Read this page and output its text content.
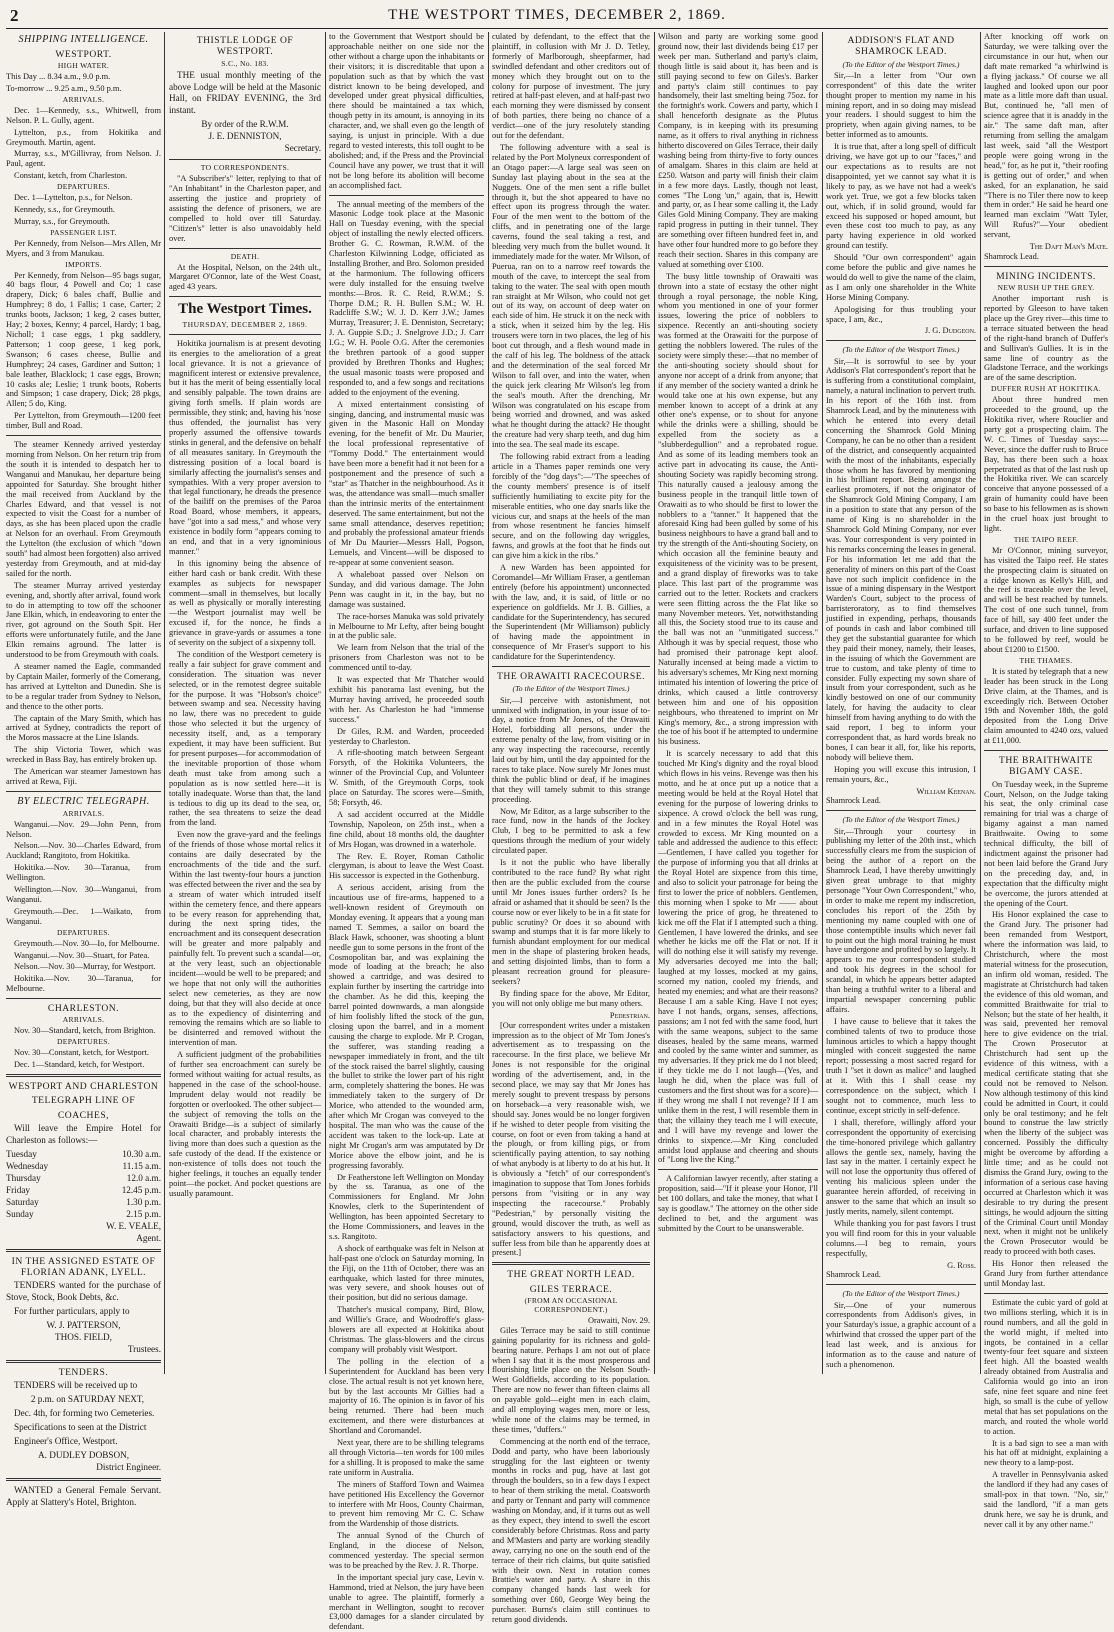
2	THE WESTPORT TIMES, DECEMBER 2, 1869.
SHIPPING INTELLIGENCE.
WESTPORT.
HIGH WATER.

This Day ... 8.34 a.m., 9.0 p.m.

To-morrow ... 9.25 a.m., 9.50 p.m.

ARRIVALS.

Dec. 1—Kennedy, s.s., Whitwell, from Nelson. P. L. Gully, agent.

Lyttelton, p.s., from Hokitika and Greymouth. Martin, agent.

Murray, s.s., M'Gillivray, from Nelson. J. Paul, agent.

Constant, ketch, from Charleston.

DEPARTURES.

Dec. 1—Lyttelton, p.s., for Nelson.

Kennedy, s.s., for Greymouth.

Murray, s.s., for Greymouth.

PASSENGER LIST.

Per Kennedy, from Nelson—Mrs Allen, Mr Myers, and 3 from Manukau.

IMPORTS.

Per Kennedy, from Nelson—95 bags sugar, 40 bags flour, 4 Powell and Co; 1 case drapery, Dick; 6 bales chaff, Bullie and Humphrey; 8 do, 1 Fallis; 1 case, Carter; 2 trunks boots, Jackson; 1 keg, 2 cases butter, Hay; 2 boxes, Kenny; 4 parcel, Hardy; 1 bag, Nicholl; 1 case eggs, 1 pkg saddlery, Patterson; 1 coop geese, 1 keg pork, Swanson; 6 cases cheese, Bullie and Humphrey; 24 cases, Gardiner and Sutton; 1 bale leather, Blacklock; 1 case eggs, Brown; 10 casks ale; Leslie; 1 trunk boots, Roberts and Simpson; 1 case drapery, Dick; 28 pkgs, Allen; 5 do, King.

Per Lyttelton, from Greymouth—1200 feet timber, Bull and Road.

The steamer Kennedy arrived yesterday morning from Nelson. On her return trip from the south it is intended to despatch her to Wanganui and Manukau, her departure being appointed for Saturday. She brought hither the mail received from Auckland by the Charles Edward, and that vessel is not expected to visit the Coast for a number of days, as she has been placed upon the cradle at Nelson for an overhaul. From Greymouth the Lyttelton (the exclusion of which "down south" had almost been forgotten) also arrived yesterday from Greymouth, and at mid-day sailed for the north.

The steamer Murray arrived yesterday evening, and, shortly after arrival, found work to do in attempting to tow off the schooner Jane Elkin, which, in endeavoring to enter the river, got aground on the South Spit. Her efforts were unfortunately futile, and the Jane Elkin remains aground. The latter is understood to be from Greymouth with coals.

A steamer named the Eagle, commanded by Captain Mailer, formerly of the Comerang, has arrived at Lyttelton and Dunedin. She is to be a regular trader from Sydney to Nelson, and thence to the other ports.

The captain of the Mary Smith, which has arrived at Sydney, contradicts the report of the Moros massacre at the Line Islands.

The ship Victoria Tower, which was wrecked in Bass Bay, has entirely broken up.

The American war steamer Jamestown has arrived at Rewa, Fiji.

BY ELECTRIC TELEGRAPH.
ARRIVALS.

Wanganui.—Nov. 29—John Penn, from Nelson.

Nelson.—Nov. 30—Charles Edward, from Auckland; Rangitoto, from Hokitika.

Hokitika.—Nov. 30—Taranua, from Wellington.

Wellington.—Nov. 30—Wanganui, from Wanganui.

Greymouth.—Dec. 1—Waikato, from Wanganui.

DEPARTURES.

Greymouth.—Nov. 30—Io, for Melbourne.

Wanganui.—Nov. 30—Stuart, for Patea.

Nelson.—Nov. 30—Murray, for Westport.

Hokitika.—Nov. 30—Taranua, for Melbourne.

CHARLESTON.
ARRIVALS.

Nov. 30—Standard, ketch, from Brighton.

DEPARTURES.

Nov. 30—Constant, ketch, for Westport.

Dec. 1—Standard, ketch, for Westport.

WESTPORT AND CHARLESTON
TELEGRAPH LINE OF
COACHES,

Will leave the Empire Hotel for Charleston as follows:—

Tuesday	10.30 a.m.
Wednesday	11.15 a.m.
Thursday	12.0 a.m.
Friday	12.45 p.m.
Saturday	1.30 p.m.
Sunday	2.15 p.m.
W. E. VEALE,
Agent.
IN THE ASSIGNED ESTATE OF FLORIAN ADANK, LYELL.

TENDERS wanted for the purchase of Stove, Stock, Book Debts, &c.

For further particulars, apply to

W. J. PATTERSON,
THOS. FIELD,
Trustees.
TENDERS.

TENDERS will be received up to

2 p.m. on SATURDAY NEXT,

Dec. 4th, for forming two Cemeteries.

Specifications to seen at the District

Engineer's Office, Westport.

A. DUDLEY DOBSON,
District Engineer.

WANTED a General Female Servant. Apply at Slattery's Hotel, Brighton.

THISTLE LODGE OF WESTPORT.
S.C., No. 183.

THE usual monthly meeting of the above Lodge will be held at the Masonic Hall, on FRIDAY EVENING, the 3rd instant.

By order of the R.W.M.
J. E. DENNISTON,
Secretary.
TO CORRESPONDENTS.

"A Subscriber's" letter, replying to that of "An Inhabitant" in the Charleston paper, and asserting the justice and propriety of assisting the defence of prisoners, we are compelled to hold over till Saturday. "Citizen's" letter is also unavoidably held over.

DEATH.

At the Hospital, Nelson, on the 24th ult., Margaret O'Connor, late of the West Coast, aged 43 years.

The Westport Times.
THURSDAY, DECEMBER 2, 1869.

Hokitika journalism is at present devoting its energies to the amelioration of a great local grievance. It is not a grievance of magnificent interest or extensive prevalence, but it has the merit of being essentially local and sensibly palpable. The town drains are giving forth smells. If plain words are permissible, they stink; and, having his 'nose thus offended, the journalist has very properly assumed the offensive towards stinks in general, and the defensive on behalf of all measures sanitary. In Greymouth the distressing position of a local board is similarly affecting the journalist's senses and sympathies. With a very proper aversion to that legal functionary, he dreads the presence of the bailiff on the premises of the Paroa Road Board, whose members, it appears, have "got into a sad mess," and whose very existence in bodily form "appears coming to an end, and that in a very ignominious manner."

In this ignominy being the absence of either hard cash or bank credit. With these examples as subjects for newspaper comment—small in themselves, but locally as well as physically or morally interesting—the Westport journalist may well be excused if, for the nonce, he finds a grievance in grave-yards or assumes a tone of severity on the subject of a sixpenny toll.

The condition of the Westport cemetery is really a fair subject for grave comment and consideration. The situation was never selected, or in the remotest degree suitable for the purpose. It was "Hobson's choice" between swamp and sea. Necessity having no law, there was no precedent to guide those who selected it but the urgency of necessity itself, and, as a temporary expedient, it may have been sufficient. But for present purposes—for accommodation of the inevitable proportion of those whom death must take from among such a population as is now settled here—it is totally inadequate. Worse than that, the land is tedious to dig up its dead to the sea, or, rather, the sea threatens to seize the dead from the land.

Even now the grave-yard and the feelings of the friends of those whose mortal relics it contains are daily desecrated by the encroachments of the tide and the surf. Within the last twenty-four hours a junction was effected between the river and the sea by a stream of water which intruded itself within the cemetery fence, and there appears to be every reason for apprehending that, during the next spring tides, the encroachment and its consequent desecration will be greater and more palpably and painfully felt. To prevent such a scandal—or, at the very least, such an objectionable incident—would be well to be prepared; and we hope that not only will the authorities select new cemeteries, as they are now doing, but that they will also decide at once as to the expediency of disinterring and removing the remains which are so liable to be disinterred and removed without the intervention of man.

A sufficient judgment of the probabilities of further sea encroachment can surely be formed without waiting for actual results, as happened in the case of the school-house. Imprudent delay would not readily be forgotten or overlooked. The other subject—the subject of removing the tolls on the Orawaiti Bridge—is a subject of similarly local character, and probably interests the living more than does such a question as the safe custody of the dead. If the existence or non-existence of tolls does not touch the higher feelings, it touches an equally tender point—the pocket. And pocket questions are usually paramount.

to the Government that Westport should be approachable neither on one side nor the other without a charge upon the inhabitants or their visitors; it is discreditable that upon a population such as that by which the vast district known to be being developed, and developed under great physical difficulties, there should be maintained a tax which, though petty in its amount, is annoying in its character, and, we shall even go the length of saying, is unjust in principle. With a due regard to vested interests, this toll ought to be abolished; and, if the Press and the Provincial Council have any power, we trust that it will not be long before its abolition will become an accomplished fact.

The annual meeting of the members of the Masonic Lodge took place at the Masonic Hall on Tuesday evening, with the special object of installing the newly elected officers. Brother G. C. Rowman, R.W.M. of the Charleston Kilwinning Lodge, officiated as Installing Brother, and Bro. Solomon presided at the harmonium. The following officers were duly installed for the ensuing twelve months:—Bros. R. C. Reid, R.W.M.; S. Thorpe D.M.; R. H. Bullen S.M.; W. H. Radcliffe S.W.; W. J. D. Kerr J.W.; James Murray, Treasurer; J. E. Denniston, Secretary; J. A. Guppie S.D.; J. Snelgrove J.D.; J. Carr I.G.; W. H. Poole O.G. After the ceremonies the brethren partook of a good supper provided by Brethren Thonks and Hughes; the usual masonic toasts were proposed and responded to, and a few songs and recitations added to the enjoyment of the evening.

A mixed entertainment consisting of singing, dancing, and instrumental music was given in the Masonic Hall on Monday evening, for the benefit of Mr. Du Maurier, the local professional representative of "Tommy Dodd." The entertainment would have been more a benefit had it not been for a postponement and the presence of such a "star" as Thatcher in the neighbourhood. As it was, the attendance was small—much smaller than the intrinsic merits of the entertainment deserved. The same entertainment, but not the same small attendance, deserves repetition; and probably the professional amateur friends of Mr Du Maurier—Messrs Hall, Pogson, Lemuels, and Vincent—will be disposed to re-appear at some convenient season.

A whaleboat passed over Nelson on Sunday, and did various damage. The John Penn was caught in it, in the bay, but no damage was sustained.

The race-horses Manuka was sold privately in Melbourne to Mr Lefty, after being bought in at the public sale.

We learn from Nelson that the trial of the prisoners from Charleston was not to be commenced until to-day.

It was expected that Mr Thatcher would exhibit his panorama last evening, but the Murray having arrived, he proceeded south with her. As Charleston he had "immense success."

Dr Giles, R.M. and Warden, proceeded yesterday to Charleston.

A rifle-shooting match between Sergeant Forsyth, of the Hokitika Volunteers, the winner of the Provincial Cup, and Volunteer W. Smith, of the Greymouth Corps, took place on Saturday. The scores were—Smith, 58; Forsyth, 46.

A sad accident occurred at the Middle Township, Napoleon, on 25th inst., when a fine child, about 18 months old, the daughter of Mrs Hogan, was drowned in a waterhole.

The Rev. E. Royer, Roman Catholic clergyman, is about to leave the West Coast. His successor is expected in the Gothenburg.

A serious accident, arising from the incautious use of fire-arms, happened to a well-known resident of Greymouth on Monday evening. It appears that a young man named T. Semmes, a sailor on board the Black Hawk, schooner, was shooting a blunt needle gun to some persons in the front of the Cosmopolitan bar, and was explaining the mode of loading at the breach; he also showed a cartridge, and was desired to explain further by inserting the cartridge into the chamber. As he did this, keeping the barrel pointed downwards, a man alongside of him foolishly lifted the stock of the gun, closing upon the barrel, and in a moment causing the charge to explode. Mr P. Crogan, the sufferer, was standing reading a newspaper immediately in front, and the tilt of the stock raised the barrel slightly, causing the bullet to strike the lower part of his right arm, completely shattering the bones. He was immediately taken to the surgery of Dr Morice, who attended to the wounded arm, after which Mr Crogan was conveyed to the hospital. The man who was the cause of the accident was taken to the lock-up. Late at night Mr Crogan's arm was amputated by Dr Morice above the elbow joint, and he is progressing favorably.

Dr Featherstone left Wellington on Monday by the ss. Taranua, as one of the Commissioners for England. Mr John Knowles, clerk to the Superintendent of Wellington, has been appointed Secretary to the Home Commissioners, and leaves in the s.s. Rangitoto.

A shock of earthquake was felt in Nelson at half-past one o'clock on Saturday morning. In the Fiji, on the 11th of October, there was an earthquake, which lasted for three minutes, was very severe, and shook houses out of their position, but did no serious damage.

Thatcher's musical company, Bird, Blow, and Willie's Grace, and Woodroffe's glass-blowers are all expected at Hokitika about Christmas. The glass-blowers and the circus company will probably visit Westport.

The polling in the election of a Superintendent for Auckland has been very close. The actual result is not yet known here, but by the last accounts Mr Gillies had a majority of 16. The opinion is in favor of his being returned. There had been much excitement, and there were disturbances at Shortland and Coromandel.

Next year, there are to be shilling telegrams all through Victoria—ten words for 100 miles for a shilling. It is proposed to make the same rate uniform in Australia.

The miners of Stafford Town and Waimea have petitioned His Excellency the Governor to interfere with Mr Hoos, County Chairman, to prevent him removing Mr C. C. Schaw from the Wardenship of those districts.

The annual Synod of the Church of England, in the diocese of Nelson, commenced yesterday. The special sermon was to be preached by the Rev. J. R. Thorpe.

In the important special jury case, Levin v. Hammond, tried at Nelson, the jury have been unable to agree. The plaintiff, formerly a merchant in Wellington, sought to recover £3,000 damages for a slander circulated by defendant.

culated by defendant, to the effect that the plaintiff, in collusion with Mr J. D. Tetley, formerly of Marlborough, sheepfarmer, had swindled defendant and other creditors out of money which they brought out on to the colony for purpose of investment. The jury retired at half-past eleven, and at half-past two each morning they were dismissed by consent of both parties, there being no chance of a verdict—one of the jury resolutely standing out for the defendant.

The following adventure with a seal is related by the Port Molyneux correspondent of an Otago paper:—A large seal was seen on Sunday last playing about in the sea at the Nuggets. One of the men sent a rifle bullet through it, but the shot appeared to have no effect upon its progress through the water. Four of the men went to the bottom of the cliffs, and in penetrating one of the large caverns, found the seal taking a rest, and bleeding very much from the bullet wound. It immediately made for the water. Mr Wilson, of Puerua, ran on to a narrow reef towards the mouth of the cave, to intercept the seal from taking to the water. The seal with open mouth ran straight at Mr Wilson, who could not get out of its way, on account of deep water on each side of him. He struck it on the neck with a stick, when it seized him by the leg. His trousers were torn in two places, the leg of his boot cut through, and a flesh wound made in the calf of his leg. The boldness of the attack and the determination of the seal forced Mr Wilson to fall over, and into the water, when the quick jerk clearing Mr Wilson's leg from the seal's mouth. After the drenching, Mr Wilson was congratulated on his escape from being worried and drowned, and was asked what he thought during the attack? He thought the creature had very sharp teeth, and dug him into the sea. The seal made its escape.

The following rabid extract from a leading article in a Thames paper reminds one very forcibly of the "dog days":—"The speeches of the county members' presence is of itself sufficiently humiliating to excite pity for the miserable entities, who one day snarls like the vicious cur, and snaps at the heels of the man from whose resentment he fancies himself secure, and on the following day wriggles, fawns, and growls at the foot that he finds out can give him a kick in the ribs."

A new Warden has been appointed for Coromandel—Mr William Fraser, a gentleman entirely (before his appointment) unconnected with the law, and, it is said, of little or no experience on goldfields. Mr J. B. Gillies, a candidate for the Superintendency, has secured the Superintendent (Mr Williamson) publicly of having made the appointment in consequence of Mr Fraser's support to his candidature for the Superintendency.

THE ORAWAITI RACECOURSE.
(To the Editor of the Westport Times.)

Sir,—I perceive with astonishment, not unmixed with indignation, in your issue of to-day, a notice from Mr Jones, of the Orawaiti Hotel, forbidding all persons, under the extreme penalty of the law, from visiting or in any way inspecting the racecourse, recently laid out by him, until the day appointed for the races to take place. Now surely Mr Jones must think the public blind or deaf, if he imagines that they will tamely submit to this strange proceeding.

Now, Mr Editor, as a large subscriber to the race fund, now in the hands of the Jockey Club, I beg to be permitted to ask a few questions through the medium of your widely circulated paper.

Is it not the public who have liberally contributed to the race fund? By what right then are the public excluded from the course until Mr Jones issues further orders? Is he afraid or ashamed that it should be seen? Is the course now or ever likely to be in a fit state for public scrutiny? Or does it so abound with swamp and stumps that it is far more likely to furnish abundant employment for our medical men in the shape of plastering broken heads, and setting disjointed limbs, than to form a pleasant recreation ground for pleasure-seekers?

By finding space for the above, Mr Editor, you will not only oblige me but many others.

Pedestrian.

[Our correspondent writes under a mistaken impression as to the object of Mr Tom Jones's advertisement as to trespassing on the racecourse. In the first place, we believe Mr Jones is not responsible for the original wording of the advertisement, and, in the second place, we may say that Mr Jones has merely sought to prevent trespass by persons on horseback—a very reasonable wish, we should say. Jones would be no longer forgiven if he wished to deter people from visiting the course, on foot or even from taking a hand at the plough, or from killing pigs, or from scientifically paying attention, to say nothing of what anybody is at liberty to do at his hut. It is obviously a "fetch" of our correspondent's imagination to suppose that Tom Jones forbids persons from "visiting or in any way inspecting the racecourse." Probably "Pedestrian," by personally visiting the ground, would discover the truth, as well as satisfactory answers to his questions, and suffer less from bile than he apparently does at present.]

THE GREAT NORTH LEAD.
GILES TERRACE.
(FROM AN OCCASIONAL CORRESPONDENT.)
Orawaiti, Nov. 29.

Giles Terrace may be said to still continue gaining popularity for its richness and gold-bearing nature. Perhaps I am not out of place when I say that it is the most prosperous and flourishing little place on the Nelson South-West Goldfields, according to its population. There are now no fewer than fifteen claims all on payable gold—eight men in each claim, and all employing wages men, more or less, while none of the claims may be termed, in these times, "duffers."

Commencing at the north end of the terrace, Dodd and party, who have been laboriously struggling for the last eighteen or twenty months in rocks and pug, have at last got through the boulders, so in a few days I expect to hear of them striking the metal. Coatsworth and party or Tennant and party will commence washing on Monday, and, if it turns out as well as they expect, they intend to swell the escort considerably before Christmas. Ross and party and M'Masters and party are working steadily away, carrying no one on the south end of the terrace of their rich claims, but quite satisfied with their own. Next in rotation comes Brattie's water and party. A share in this company changed hands last week for something over £60, George Wey being the purchaser. Burns's claim still continues to return good dividends.

Wilson and party are working some good ground now, their last dividends being £17 per week per man. Sutherland and party's claim, though little is said about it, has been and is still paying second to few on Giles's. Barker and party's claim still continues to pay handsomely, their last smelting being 75oz. for the fortnight's work. Cowers and party, which I shall henceforth designate as the Plutus Company, is in keeping with its presuming name, as it offers to rival anything in richness hitherto discovered on Giles Terrace, their daily washing being from thirty-five to forty ounces of amalgam. Shares in this claim are held at £250. Watson and party will finish their claim in a few more days. Lastly, though not least, comes "The Long 'un," again, that is, Hewitt and party, or, as I hear some calling it, the Lady Giles Gold Mining Company. They are making rapid progress in putting in their tunnel. They are something over fifteen hundred feet in, and have other four hundred more to go before they reach their section. Shares in this company are valued at something over £100.

The busy little township of Orawaiti was thrown into a state of ecstasy the other night through a royal personage, the noble King, whom you mentioned in one of your former issues, lowering the price of nobblers to sixpence. Recently an anti-shouting society was formed at the Orawaiti for the purpose of getting the nobblers lowered. The rules of the society were simply these:—that no member of the anti-shouting society should shout for anyone nor accept of a drink from anyone; that if any member of the society wanted a drink he would take one at his own expense, but any member known to accept of a drink at any other one's expense, or to shout for anyone while the drinks were a shilling, should be expelled from the society as a "slubberdegullion" and a reprobated rogue. And as some of its leading members took an active part in advocating its cause, the Anti-shouting Society was rapidly becoming strong. This naturally caused a jealousy among the business people in the tranquil little town of Orawaiti as to who should be first to lower the nobblers to a "tanner." It happened that the aforesaid King had been gulled by some of his business neighbours to have a grand ball and to try the strength of the Anti-shouting Society, on which occasion all the feminine beauty and exquisiteness of the vicinity was to be present, and a grand display of fireworks was to take place. This last part of the programme was carried out to the letter. Rockets and crackers were seen flitting across the the Flat like so many November meteors. Yet, notwithstanding all this, the Society stood true to its cause and the ball was not an "unmitigated success." Although it was by special request, those who had promised their patronage kept aloof. Naturally incensed at being made a victim to his adversary's schemes, Mr King next morning intimated his intention of lowering the price of drinks, which caused a little controversy between him and one of his opposition neighbours, who threatened to imprint on Mr King's memory, &c., a strong impression with the toe of his boot if he attempted to undermine his business.

It is scarcely necessary to add that this touched Mr King's dignity and the royal blood which flows in his veins. Revenge was then his motto, and he at once put up a notice that a meeting would be held at the Royal Hotel that evening for the purpose of lowering drinks to sixpence. A crowd o'clock the bell was rung, and in a few minutes the Royal Hotel was crowded to excess. Mr King mounted on a table and addressed the audience to this effect:—Gentlemen, I have called you together for the purpose of informing you that all drinks at the Royal Hotel are sixpence from this time, and also to solicit your patronage for being the first to lower the price of nobblers. Gentlemen, this morning when I spoke to Mr —— about lowering the price of grog, he threatened to kick me off the Flat if I attempted such a thing. Gentlemen, I have lowered the drinks, and see whether he kicks me off the Flat or not. If it will do nothing else it will satisfy my revenge. My adversaries decoyed me into the ball; laughed at my losses, mocked at my gains, scorned my nation, cooled my friends, and heated my enemies; and what are their reasons? Because I am a sable King. Have I not eyes; have I not hands, organs, senses, affections, passions; am I not fed with the same food, hurt with the same weapons, subject to the same diseases, healed by the same means, warmed and cooled by the same winter and summer, as my adversaries. If they prick me do I not bleed; if they tickle me do I not laugh—(Yes, and laugh he did, when the place was full of customers and the first shout was for a score)—if they wrong me shall I not revenge? If I am unlike them in the rest, I will resemble them in that; the villainy they teach me I will execute, and I will have my revenge and lower the drinks to sixpence.—Mr King concluded amidst loud applause and cheering and shouts of "Long live the King."

A Californian lawyer recently, after stating a proposition, said—"If it please your Honor, I'll bet 100 dollars, and take the money, that what I say is goodlaw." The attorney on the other side declined to bet, and the argument was submitted by the Court to be unanswerable.

ADDISON'S FLAT AND SHAMROCK LEAD.
(To the Editor of the Westport Times.)

Sir,—In a letter from "Our own correspondent" of this date the writer thought proper to mention my name in his mining report, and in so doing may mislead your readers. I should suggest to him the propriety, when again giving names, to be better informed as to amounts.

It is true that, after a long spell of difficult driving, we have got up to our "faces," and our expectations as to results are not disappointed, yet we cannot say what it is likely to pay, as we have not had a week's work yet. True, we got a few blocks taken out, which, if in solid ground, would far exceed his supposed or hoped amount, but even these cost too much to pay, as any party having experience in old worked ground can testify.

Should "Our own correspondent" again come before the public and give names he would do well to give the name of the claim, as I am only one shareholder in the White Horse Mining Company.

Apologising for thus troubling your space, I am, &c.,

J. G. Dudgeon.
(To the Editor of the Westport Times.)

Sir,—It is sorrowful to see by your Addison's Flat correspondent's report that he is suffering from a constitutional complaint, namely, a natural inclination to pervert truth. In his report of the 16th inst. from Shamrock Lead, and by the minuteness with which he entered into every detail concerning the Shamrock Gold Mining Company, he can be no other than a resident of the district, and consequently acquainted with the most of the inhabitants, especially those whom he has favored by mentioning in his brilliant report. Being amongst the earliest promoters, if not the originator of the Shamrock Gold Mining Company, I am in a position to state that any person of the name of King is no shareholder in the Shamrock Gold Mining Company, nor ever was. Your correspondent is very pointed in his remarks concerning the leases in general. For his information let me add that the generality of miners on this part of the Coast have not such implicit confidence in the issue of a mining dispensary in the Westport Warden's Court, subject to the process of barristeroratory, as to find themselves justified in expending, perhaps, thousands of pounds in cash and labor combined till they get the substantial guarantee for which they paid their money, namely, their leases, in the issuing of which the Government are true to custom, and take plenty of time to consider. Fully expecting my sown share of insult from your correspondent, such as he kindly bestowed on one of our community lately, for having the audacity to clear himself from having anything to do with the said report, I beg to inform your correspondent that, as hard words break no bones, I can bear it all, for, like his reports, nobody will believe them.

Hoping you will excuse this intrusion, I remain yours, &c.,

William Keenan.

Shamrock Lead.

(To the Editor of the Westport Times.)

Sir,—Through your courtesy in publishing my letter of the 20th inst., which successfully clears me from the suspicion of being the author of a report on the Shamrock Lead, I have thereby unwittingly given great umbrage to that mighty personage "Your Own Correspondent," who, in order to make me repent my indiscretion, concludes his report of the 25th by mentioning my name coupled with one of those contemptible insults which never fail to point out the high moral training he must have undergone and profited by so largely. It appears to me your correspondent studied and took his degrees in the school for scandal, in which he appears better adapted than being a truthful writer to a liberal and impartial newspaper concerning public affairs.

I have cause to believe that it takes the combined talents of two to produce those luminous articles to which a happy thought mingled with conceit suggested the name report; possessing a most sacred regard for truth I "set it down as malice" and laughed at it. With this I shall cease my correspondence on the subject, which I sought not to commence, much less to continue, except strictly in self-defence.

I shall, therefore, willingly afford your correspondent the opportunity of exercising the time-honored privilege which gallantry allows the gentle sex, namely, having the last say in the matter. I certainly expect he will not lose the opportunity thus offered of venting his malicious spleen under the guarantee herein afforded, of receiving in answer to the same that which an insult so justly merits, namely, silent contempt.

While thanking you for past favors I trust you will find room for this in your valuable columns.—I beg to remain, yours respectfully,

G. Ross.

Shamrock Lead.

(To the Editor of the Westport Times.)

Sir,—One of your numerous correspondents from Addison's gives, in your Saturday's issue, a graphic account of a whirlwind that crossed the upper part of the lead last week, and is anxious for information as to the cause and nature of such a phenomenon.

After knocking off work on Saturday, we were talking over the circumstance in our hut, when our daft mate remarked "a whirlwind is a flying jackass." Of course we all laughed and looked upon our poor mate as a little more daft than usual. But, continued he, "all men of science agree that it is anaddy in the air." The same daft man, after returning from selling the amalgam last week, said "all the Westport people were going wrong in the head," for, as he put it, "their roofing is getting out of order," and when asked, for an explanation, he said "There is no Tiler there now to keep them in order." He said he heard one learned man exclaim "Watt Tyler, Will Rufus?"—Your obedient servant,

The Daft Man's Mate.

Shamrock Lead.

MINING INCIDENTS.
NEW RUSH UP THE GREY.

Another important rush is reported by Gleeson to have taken place up the Grey river—this time to a terrace situated between the head of the right-hand branch of Duffer's and Sullivan's Gullies. It is in the same line of country as the Gladstone Terrace, and the workings are of the same description.

DUFFER RUSH AT HOKITIKA.

About three hundred men proceeded to the ground, up the Hokitika river, where Rouclier and party got a prospecting claim. The W. C. Times of Tuesday says:—Never, since the duffer rush to Bruce Bay, has there been such a hoax perpetrated as that of the last rush up the Hokitika river. We can scarcely conceive that anyone possessed of a grain of humanity could have been so base to his fellowmen as is shown in the cruel hoax just brought to light.

THE TAIPO REEF.

Mr O'Connor, mining surveyor, has visited the Taipo reef. He states the prospecting claim is situated on a ridge known as Kelly's Hill, and the reef is traceable over the level, and will be best reached by tunnels. The cost of one such tunnel, from face of hill, say 400 feet under the surface, and driven to line supposed to be followed by reef, would be about £1200 to £1500.

THE THAMES.

It is stated by telegraph that a new leader has been struck in the Long Drive claim, at the Thames, and is exceedingly rich. Between October 19th and November 18th, the gold deposited from the Long Drive claim amounted to 4240 ozs, valued at £11,000.

THE BRAITHWAITE BIGAMY CASE.

On Tuesday week, in the Supreme Court, Nelson, on the Judge taking his seat, the only criminal case remaining for trial was a charge of bigamy against a man named Braithwaite. Owing to some technical difficulty, the bill of indictment against the prisoner had not been laid before the Grand Jury on the preceding day, and, in expectation that the difficulty might be overcome, the jurors attended at the opening of the Court.

His Honor explained the case to the Grand Jury. The prisoner had been remanded from Westport, where the information was laid, to Christchurch, where the most material witness for the prosecution, an infirm old woman, resided. The magistrate at Christchurch had taken the evidence of this old woman, and committed Braithwaite for trial to Nelson; but the state of her health, it was said, prevented her removal here to give evidence on the trial. The Crown Prosecutor at Christchurch had sent up the evidence of this witness, with a medical certificate stating that she could not be removed to Nelson. Now although testimony of this kind could be admitted in Court, it could only be oral testimony; and he felt bound to construe the law strictly when the liberty of the subject was concerned. Possibly the difficulty might be overcome by affording a little time; and as he could not dismiss the Grand Jury, owing to the information of a serious case having occurred at Charleston which it was desirable to try during the present sittings, he would adjourn the sitting of the Criminal Court until Monday next, when it might not be unlikely the Crown Prosecutor would be ready to proceed with both cases.

His Honor then released the Grand Jury from further attendance until Monday last.

Estimate the cubic yard of gold at two millions sterling, which it is in round numbers, and all the gold in the world might, if melted into ingots, be contained in a cellar twenty-four feet square and sixteen feet high. All the boasted wealth already obtained from Australia and California would go into an iron safe, nine feet square and nine feet high, so small is the cube of yellow metal that has set populations on the march, and routed the whole world to action.

It is a bad sign to see a man with his hat off at midnight, explaining a new theory to a lamp-post.

A traveller in Pennsylvania asked the landlord if they had any cases of small-pox in that town. "No, sir," said the landlord, "if a man gets drunk here, we say he is drunk, and never call it by any other name."
